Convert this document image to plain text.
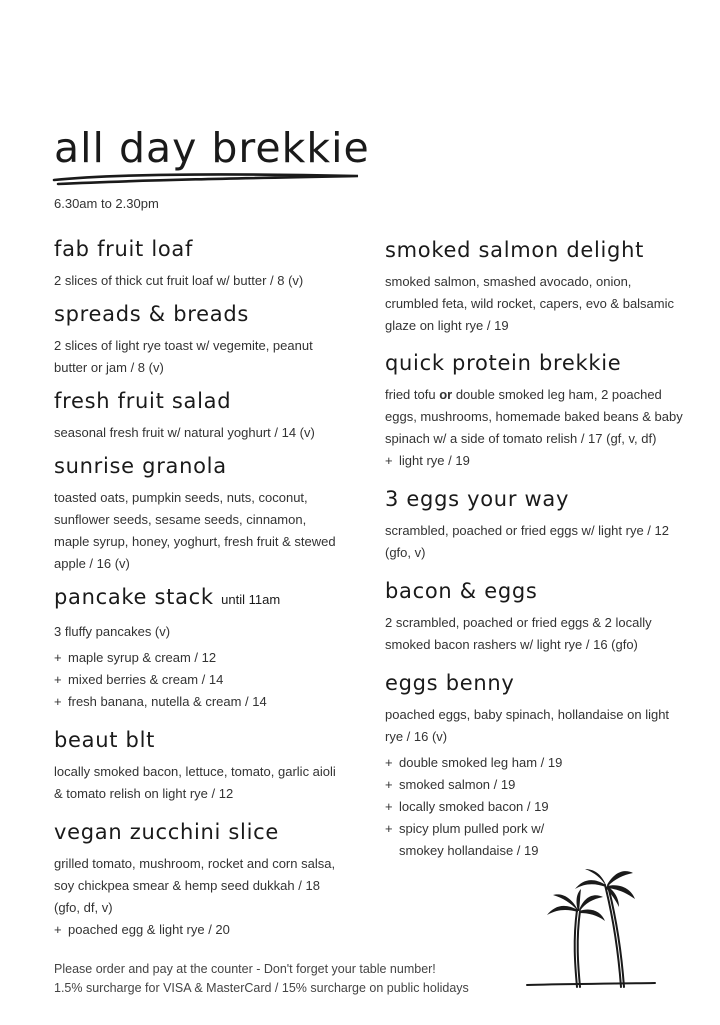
all day brekkie
6.30am to 2.30pm
fab fruit loaf

2 slices of thick cut fruit loaf w/ butter / 8 (v)

spreads & breads

2 slices of light rye toast w/ vegemite, peanut butter or jam / 8 (v)

fresh fruit salad

seasonal fresh fruit w/ natural yoghurt / 14 (v)

sunrise granola

toasted oats, pumpkin seeds, nuts, coconut, sunflower seeds, sesame seeds, cinnamon, maple syrup, honey, yoghurt, fresh fruit & stewed apple / 16 (v)

pancake stack until 11am

3 fluffy pancakes (v)

+ maple syrup & cream / 12
+ mixed berries & cream / 14
+ fresh banana, nutella & cream / 14
beaut blt

locally smoked bacon, lettuce, tomato, garlic aioli & tomato relish on light rye / 12

vegan zucchini slice

grilled tomato, mushroom, rocket and corn salsa, soy chickpea smear & hemp seed dukkah / 18 (gfo, df, v)

+ poached egg & light rye / 20
smoked salmon delight

smoked salmon, smashed avocado, onion, crumbled feta, wild rocket, capers, evo & balsamic glaze on light rye / 19

quick protein brekkie

fried tofu or double smoked leg ham, 2 poached eggs, mushrooms, homemade baked beans & baby spinach w/ a side of tomato relish / 17 (gf, v, df)

+ light rye / 19
3 eggs your way

scrambled, poached or fried eggs w/ light rye / 12 (gfo, v)

bacon & eggs

2 scrambled, poached or fried eggs & 2 locally smoked bacon rashers w/ light rye / 16 (gfo)

eggs benny

poached eggs, baby spinach, hollandaise on light rye / 16 (v)

+ double smoked leg ham / 19
+ smoked salmon / 19
+ locally smoked bacon / 19
+ spicy plum pulled pork w/
smokey hollandaise / 19
Please order and pay at the counter - Don't forget your table number!
1.5% surcharge for VISA & MasterCard / 15% surcharge on public holidays
